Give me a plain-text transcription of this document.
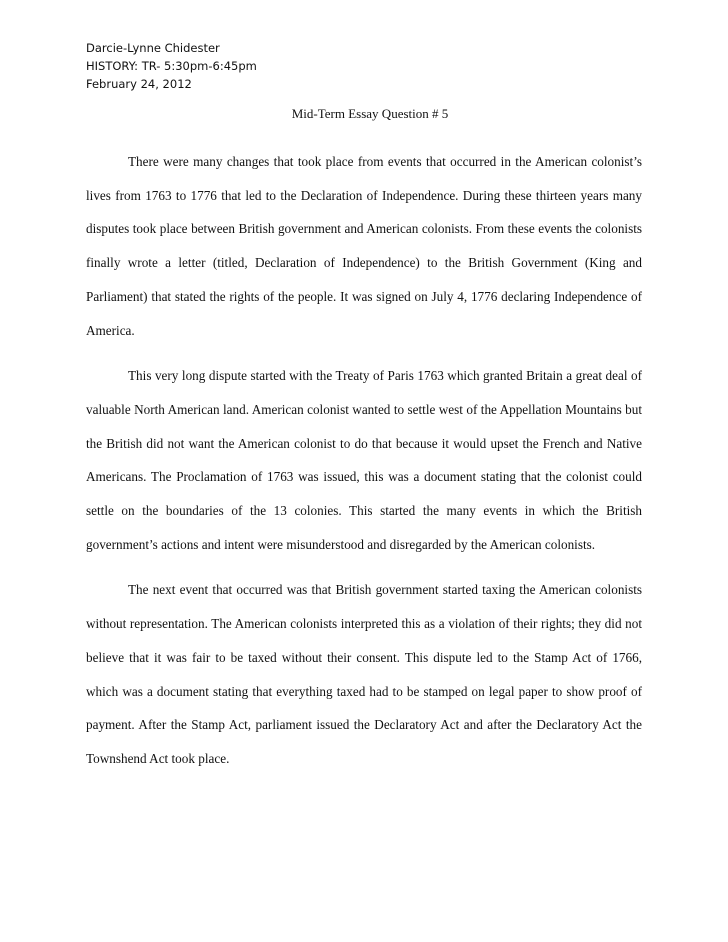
Darcie-Lynne Chidester
HISTORY: TR- 5:30pm-6:45pm
February 24, 2012
Mid-Term Essay Question # 5

There were many changes that took place from events that occurred in the American colonist’s lives from 1763 to 1776 that led to the Declaration of Independence. During these thirteen years many disputes took place between British government and American colonists. From these events the colonists finally wrote a letter (titled, Declaration of Independence) to the British Government (King and Parliament) that stated the rights of the people. It was signed on July 4, 1776 declaring Independence of America.

This very long dispute started with the Treaty of Paris 1763 which granted Britain a great deal of valuable North American land. American colonist wanted to settle west of the Appellation Mountains but the British did not want the American colonist to do that because it would upset the French and Native Americans. The Proclamation of 1763 was issued, this was a document stating that the colonist could settle on the boundaries of the 13 colonies. This started the many events in which the British government’s actions and intent were misunderstood and disregarded by the American colonists.

The next event that occurred was that British government started taxing the American colonists without representation. The American colonists interpreted this as a violation of their rights; they did not believe that it was fair to be taxed without their consent. This dispute led to the Stamp Act of 1766, which was a document stating that everything taxed had to be stamped on legal paper to show proof of payment. After the Stamp Act, parliament issued the Declaratory Act and after the Declaratory Act the Townshend Act took place.
